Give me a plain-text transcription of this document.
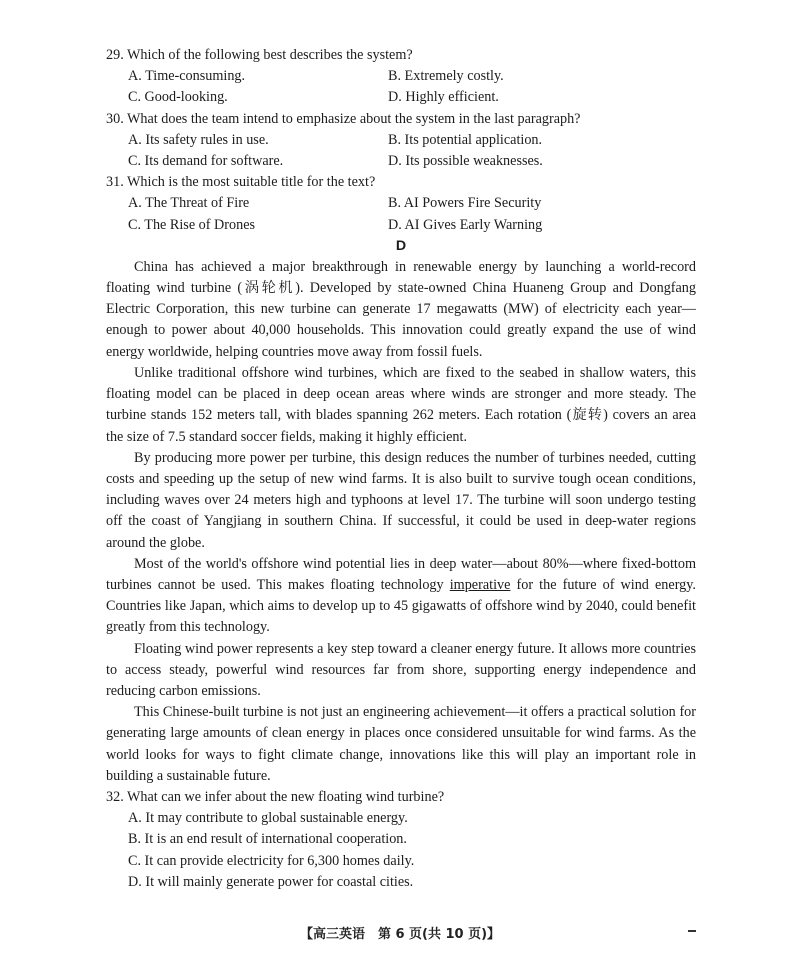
29. Which of the following best describes the system?
A. Time-consuming.	B. Extremely costly.
C. Good-looking.	D. Highly efficient.
30. What does the team intend to emphasize about the system in the last paragraph?
A. Its safety rules in use.	B. Its potential application.
C. Its demand for software.	D. Its possible weaknesses.
31. Which is the most suitable title for the text?
A. The Threat of Fire	B. AI Powers Fire Security
C. The Rise of Drones	D. AI Gives Early Warning
D

China has achieved a major breakthrough in renewable energy by launching a world-record floating wind turbine (涡轮机). Developed by state-owned China Huaneng Group and Dongfang Electric Corporation, this new turbine can generate 17 megawatts (MW) of electricity each year—enough to power about 40,000 households. This innovation could greatly expand the use of wind energy worldwide, helping countries move away from fossil fuels.

Unlike traditional offshore wind turbines, which are fixed to the seabed in shallow waters, this floating model can be placed in deep ocean areas where winds are stronger and more steady. The turbine stands 152 meters tall, with blades spanning 262 meters. Each rotation (旋转) covers an area the size of 7.5 standard soccer fields, making it highly efficient.

By producing more power per turbine, this design reduces the number of turbines needed, cutting costs and speeding up the setup of new wind farms. It is also built to survive tough ocean conditions, including waves over 24 meters high and typhoons at level 17. The turbine will soon undergo testing off the coast of Yangjiang in southern China. If successful, it could be used in deep-water regions around the globe.

Most of the world's offshore wind potential lies in deep water—about 80%—where fixed-bottom turbines cannot be used. This makes floating technology imperative for the future of wind energy. Countries like Japan, which aims to develop up to 45 gigawatts of offshore wind by 2040, could benefit greatly from this technology.

Floating wind power represents a key step toward a cleaner energy future. It allows more countries to access steady, powerful wind resources far from shore, supporting energy independence and reducing carbon emissions.

This Chinese-built turbine is not just an engineering achievement—it offers a practical solution for generating large amounts of clean energy in places once considered unsuitable for wind farms. As the world looks for ways to fight climate change, innovations like this will play an important role in building a sustainable future.

32. What can we infer about the new floating wind turbine?
A. It may contribute to global sustainable energy.
B. It is an end result of international cooperation.
C. It can provide electricity for 6,300 homes daily.
D. It will mainly generate power for coastal cities.
【高三英语　第 6 页(共 10 页)】
